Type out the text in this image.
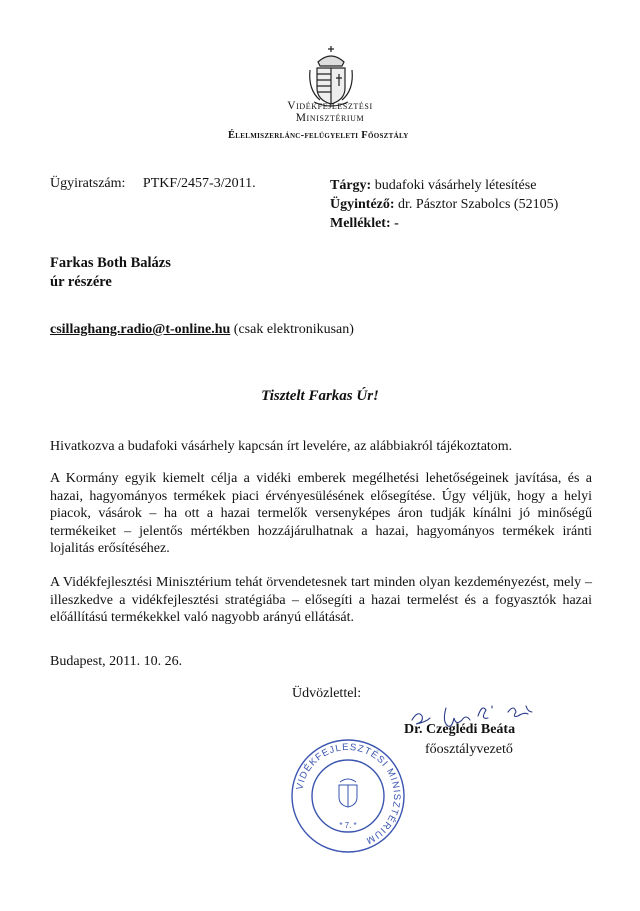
Vidékfejlesztési
Minisztérium
Élelmiszerlánc-felügyeleti Főosztály
Ügyiratszám: PTKF/2457-3/2011.	Tárgy: budafoki vásárhely létesítése
Ügyintéző: dr. Pásztor Szabolcs (52105)
Melléklet: -
Farkas Both Balázs
úr részére
csillaghang.radio@t-online.hu (csak elektronikusan)
Tisztelt Farkas Úr!
Hivatkozva a budafoki vásárhely kapcsán írt levelére, az alábbiakról tájékoztatom.
A Kormány egyik kiemelt célja a vidéki emberek megélhetési lehetőségeinek javítása, és a hazai, hagyományos termékek piaci érvényesülésének elősegítése. Úgy véljük, hogy a helyi piacok, vásárok – ha ott a hazai termelők versenyképes áron tudják kínálni jó minőségű termékeiket – jelentős mértékben hozzájárulhatnak a hazai, hagyományos termékek iránti lojalitás erősítéséhez.
A Vidékfejlesztési Minisztérium tehát örvendetesnek tart minden olyan kezdeményezést, mely – illeszkedve a vidékfejlesztési stratégiába – elősegíti a hazai termelést és a fogyasztók hazai előállítású termékekkel való nagyobb arányú ellátását.
Budapest, 2011. 10. 26.
Üdvözlettel:
Dr. Czeglédi Beáta
főosztályvezető
VIDÉKFEJLESZTÉSI MINISZTÉRIUM
* 7. *
